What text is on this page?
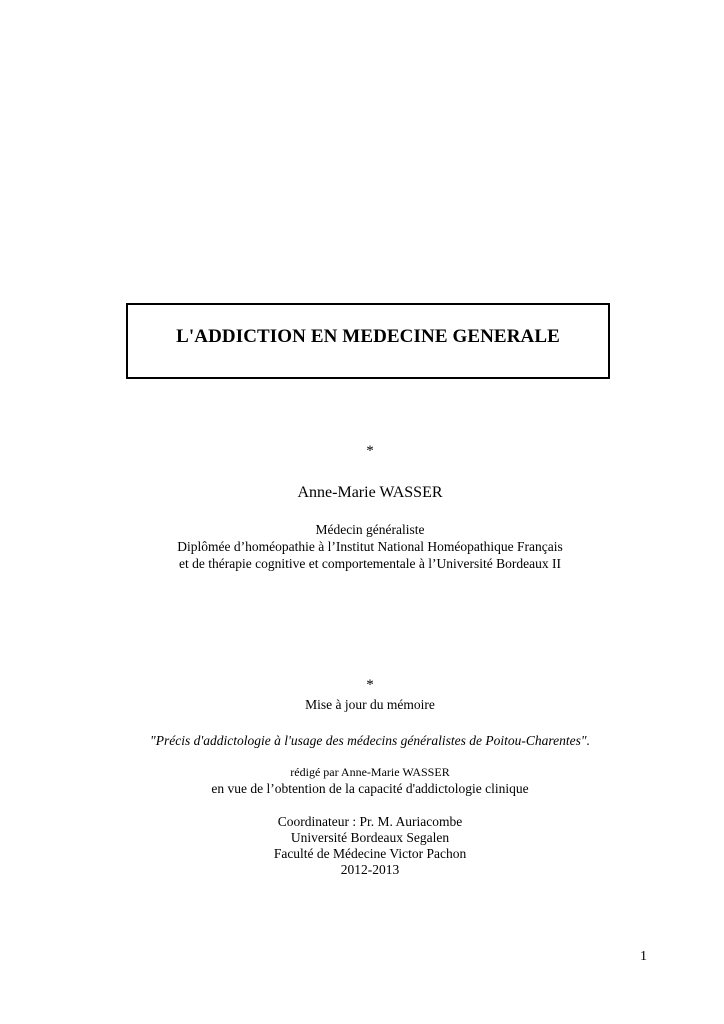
L'ADDICTION EN MEDECINE GENERALE
*
Anne-Marie WASSER
Médecin généraliste
Diplômée d’homéopathie à l’Institut National Homéopathique Français
et de thérapie cognitive et comportementale à l’Université Bordeaux II
*
Mise à jour du mémoire
"Précis d'addictologie à l'usage des médecins généralistes de Poitou-Charentes".
rédigé par Anne-Marie WASSER
en vue de l’obtention de la capacité d'addictologie clinique
Coordinateur : Pr. M. Auriacombe
Université Bordeaux Segalen
Faculté de Médecine Victor Pachon
2012-2013
1
